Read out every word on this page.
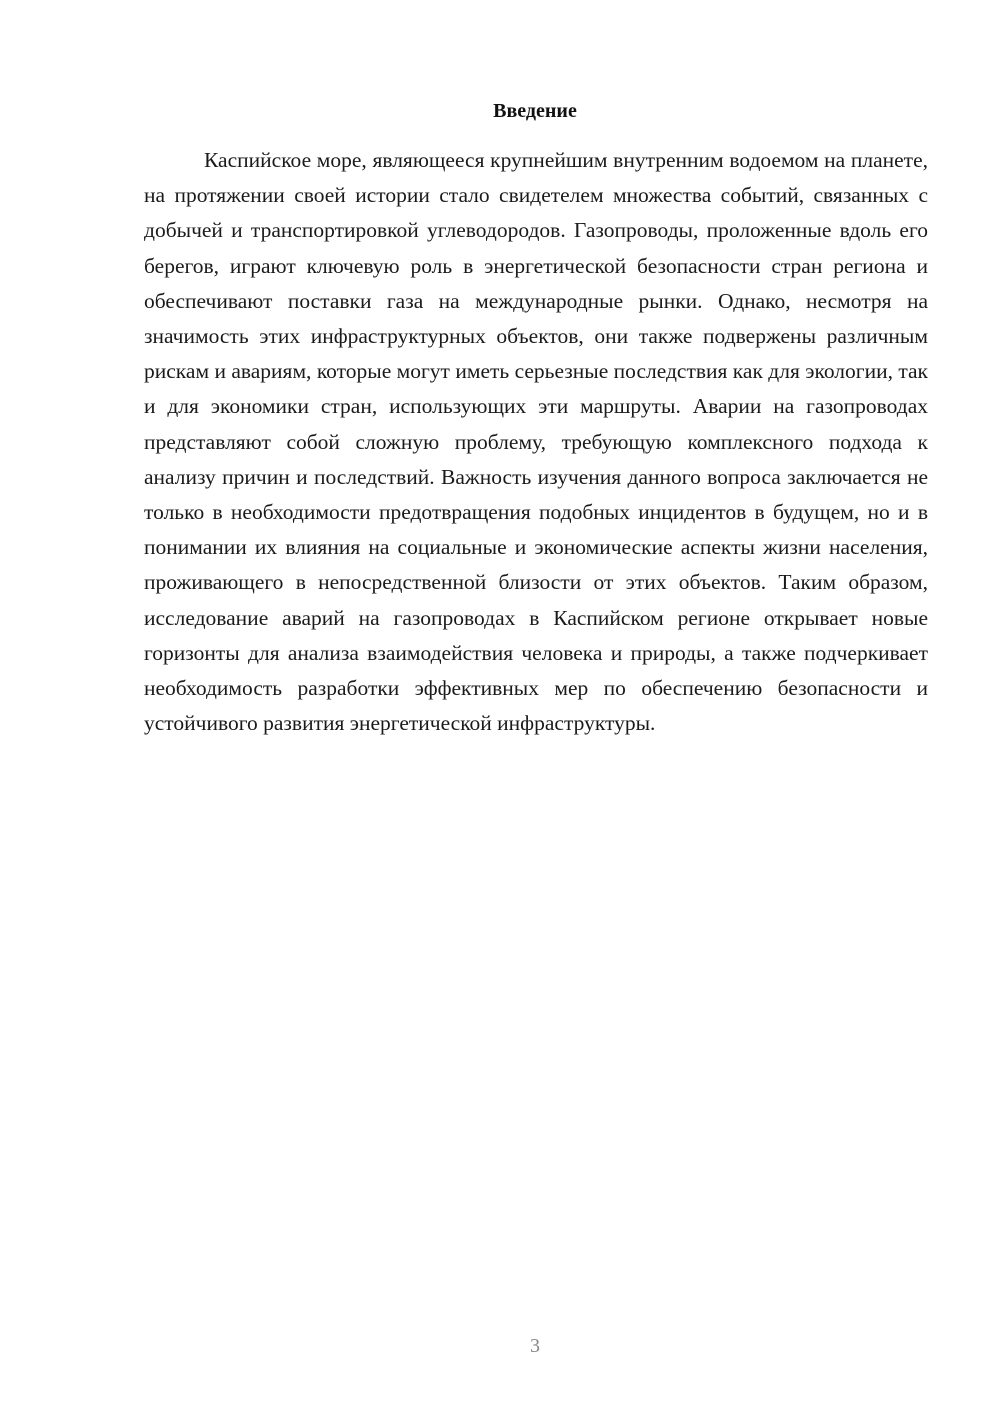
Введение

Каспийское море, являющееся крупнейшим внутренним водоемом на планете, на протяжении своей истории стало свидетелем множества событий, связанных с добычей и транспортировкой углеводородов. Газопроводы, проложенные вдоль его берегов, играют ключевую роль в энергетической безопасности стран региона и обеспечивают поставки газа на международные рынки. Однако, несмотря на значимость этих инфраструктурных объектов, они также подвержены различным рискам и авариям, которые могут иметь серьезные последствия как для экологии, так и для экономики стран, использующих эти маршруты. Аварии на газопроводах представляют собой сложную проблему, требующую комплексного подхода к анализу причин и последствий. Важность изучения данного вопроса заключается не только в необходимости предотвращения подобных инцидентов в будущем, но и в понимании их влияния на социальные и экономические аспекты жизни населения, проживающего в непосредственной близости от этих объектов. Таким образом, исследование аварий на газопроводах в Каспийском регионе открывает новые горизонты для анализа взаимодействия человека и природы, а также подчеркивает необходимость разработки эффективных мер по обеспечению безопасности и устойчивого развития энергетической инфраструктуры.

3
